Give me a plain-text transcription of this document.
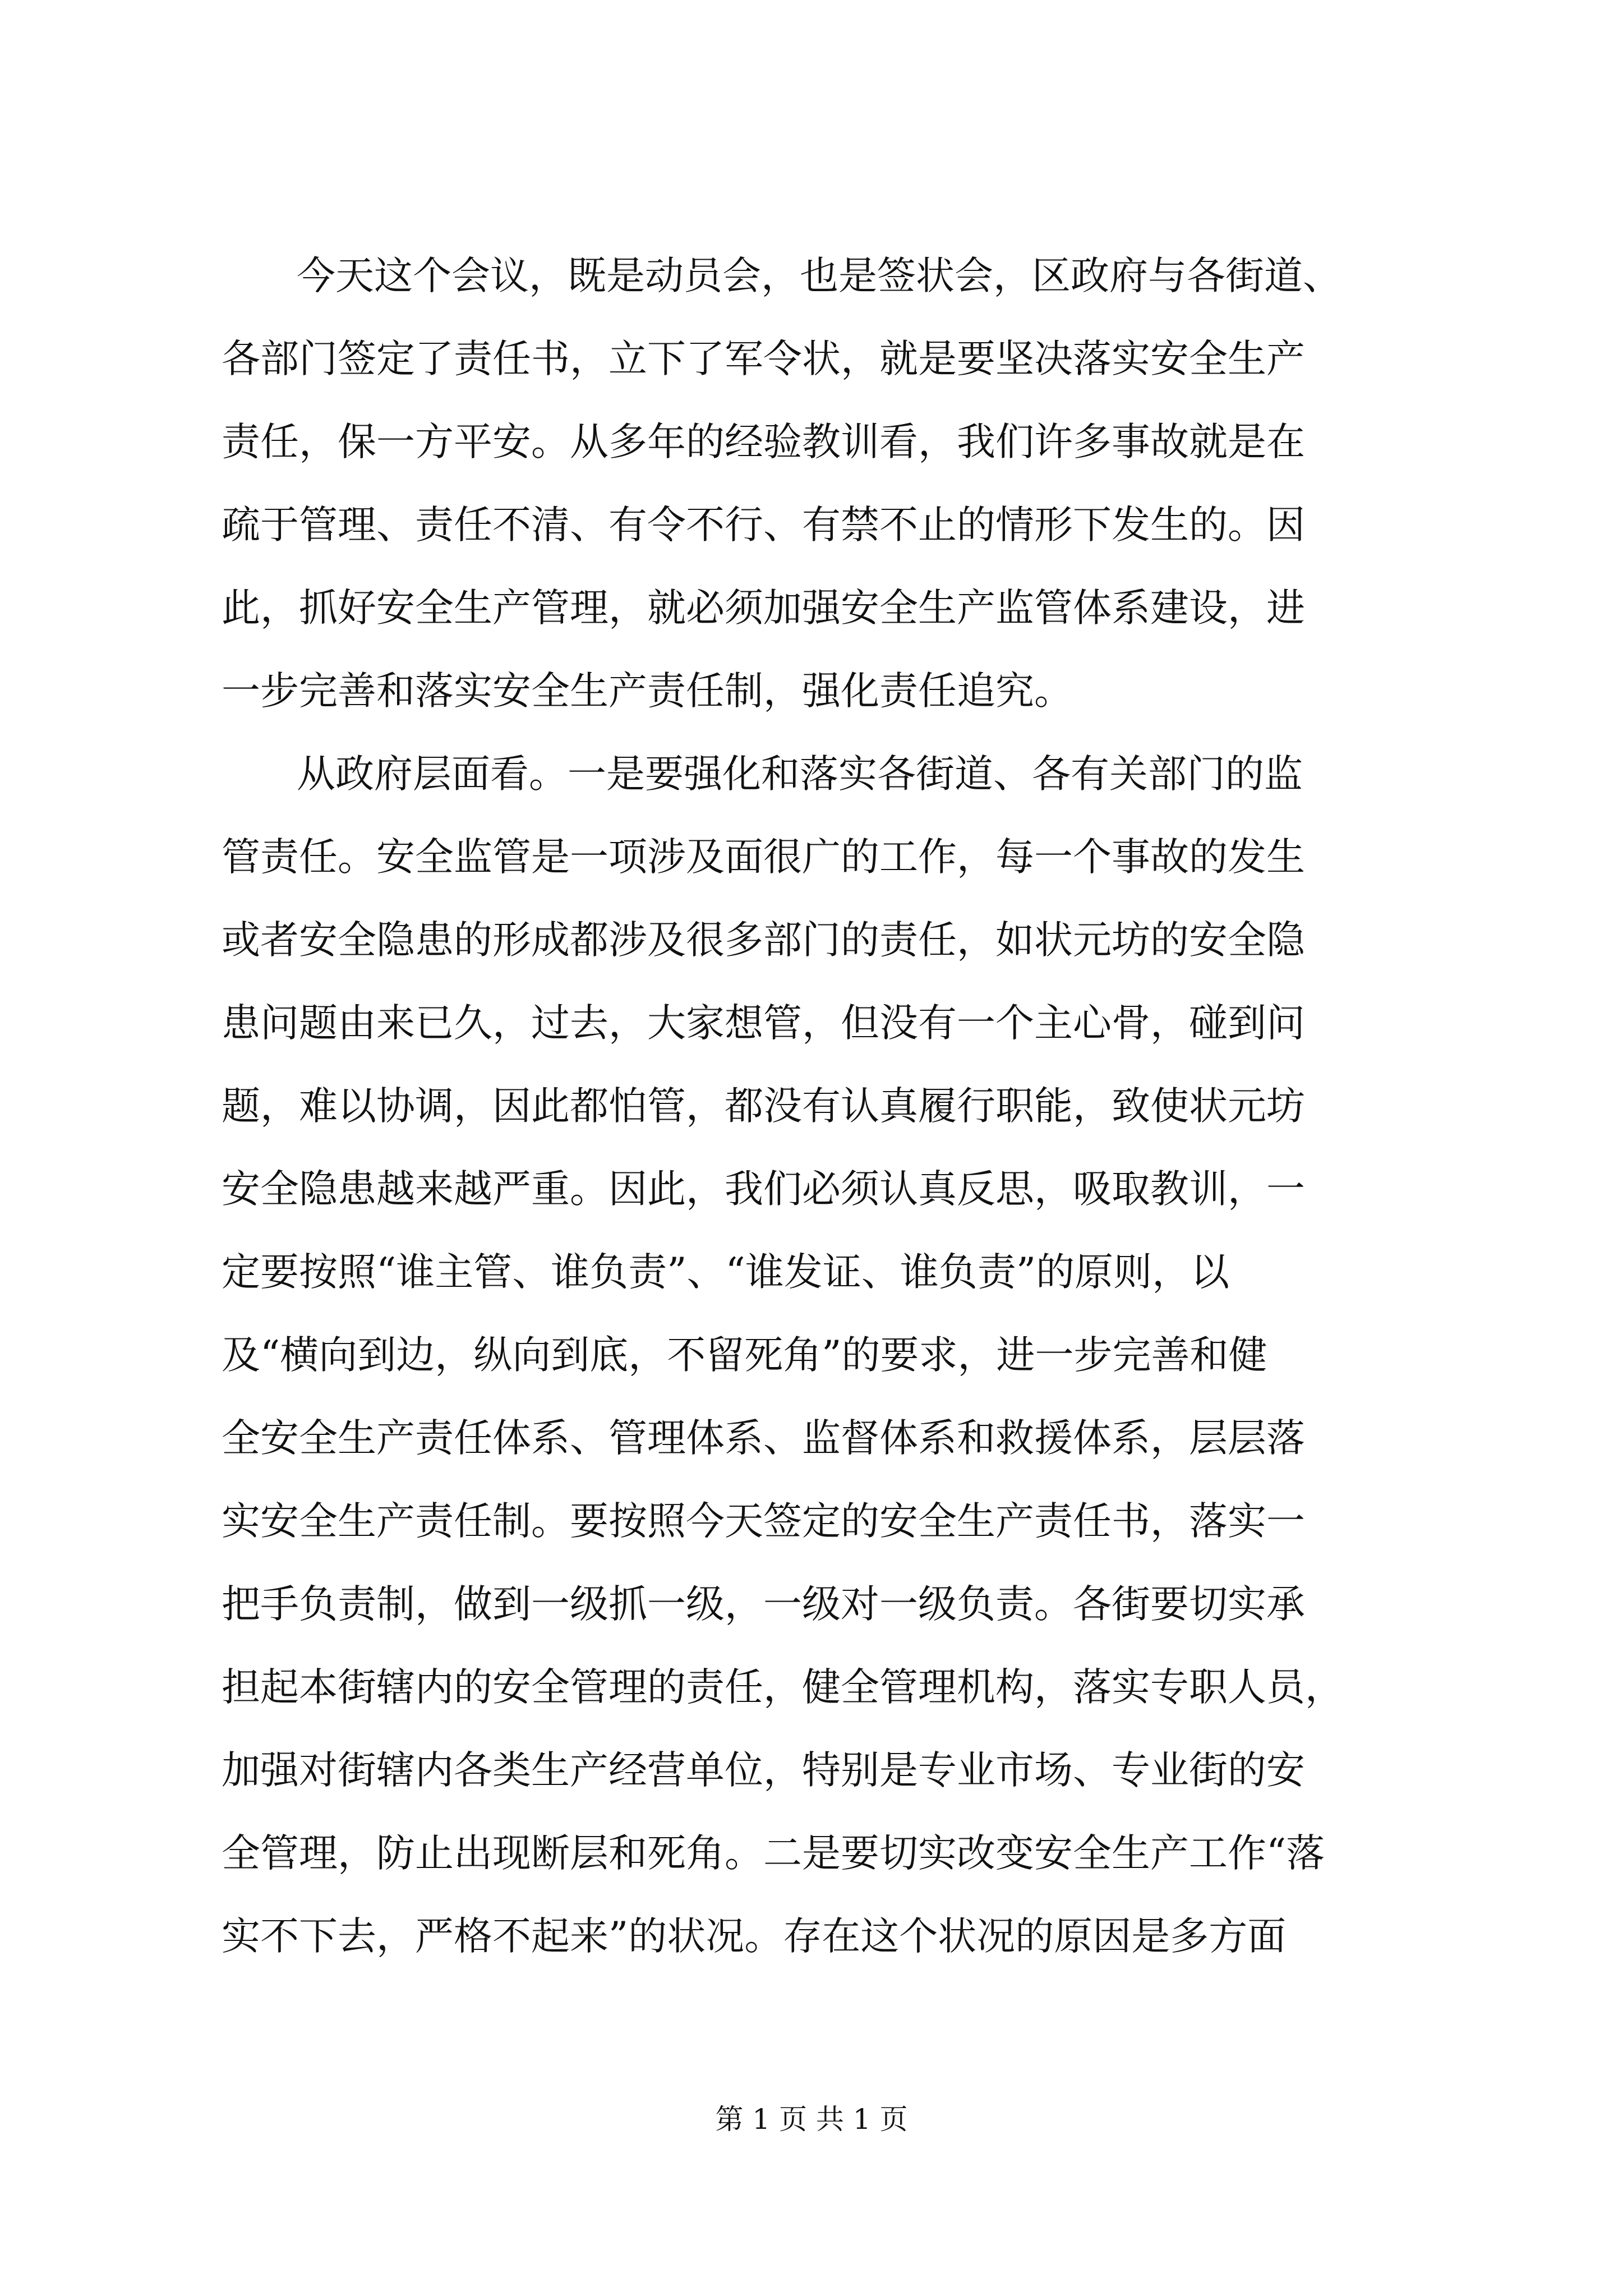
今天这个会议，既是动员会，也是签状会，区政府与各街道、
各部门签定了责任书，立下了军令状，就是要坚决落实安全生产
责任，保一方平安。从多年的经验教训看，我们许多事故就是在
疏于管理、责任不清、有令不行、有禁不止的情形下发生的。因
此，抓好安全生产管理，就必须加强安全生产监管体系建设，进
一步完善和落实安全生产责任制，强化责任追究。
从政府层面看。一是要强化和落实各街道、各有关部门的监
管责任。安全监管是一项涉及面很广的工作，每一个事故的发生
或者安全隐患的形成都涉及很多部门的责任，如状元坊的安全隐
患问题由来已久，过去，大家想管，但没有一个主心骨，碰到问
题，难以协调，因此都怕管，都没有认真履行职能，致使状元坊
安全隐患越来越严重。因此，我们必须认真反思，吸取教训，一
定要按照“谁主管、谁负责”、“谁发证、谁负责”的原则，以
及“横向到边，纵向到底，不留死角”的要求，进一步完善和健
全安全生产责任体系、管理体系、监督体系和救援体系，层层落
实安全生产责任制。要按照今天签定的安全生产责任书，落实一
把手负责制，做到一级抓一级，一级对一级负责。各街要切实承
担起本街辖内的安全管理的责任，健全管理机构，落实专职人员，
加强对街辖内各类生产经营单位，特别是专业市场、专业街的安
全管理，防止出现断层和死角。二是要切实改变安全生产工作“落
实不下去，严格不起来”的状况。存在这个状况的原因是多方面
第 1 页 共 1 页
